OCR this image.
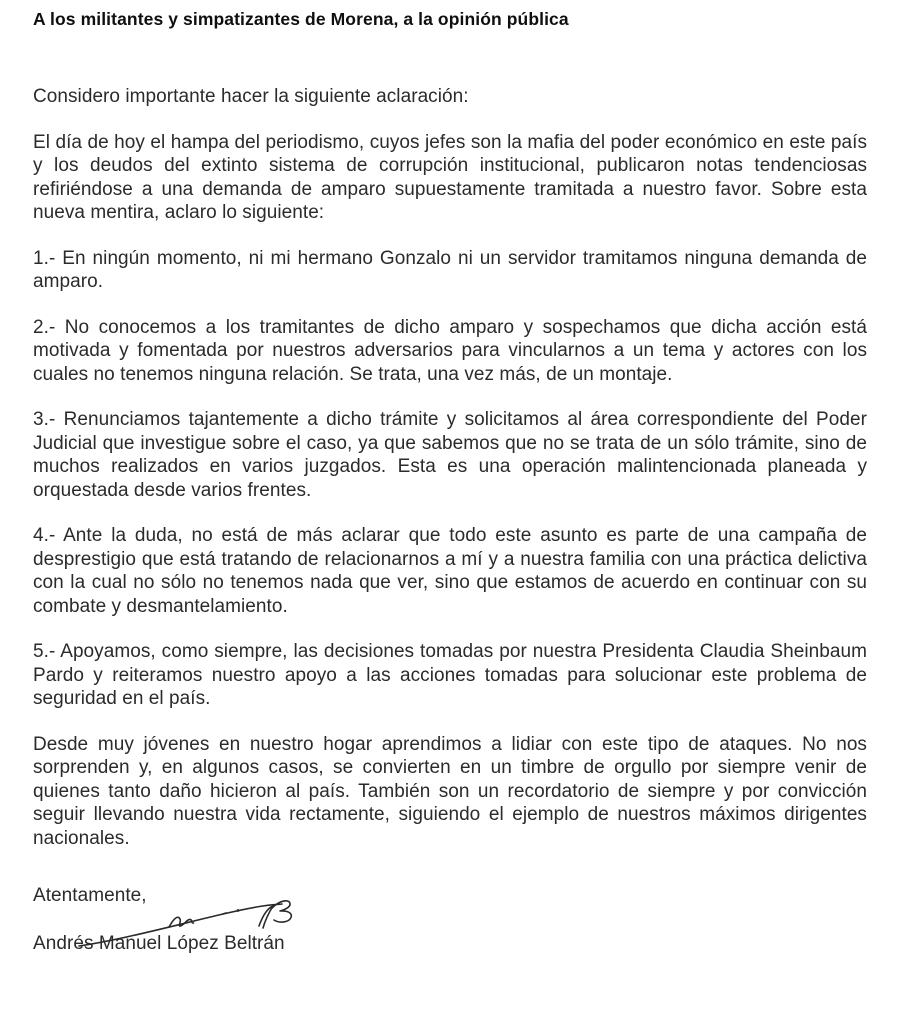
A los militantes y simpatizantes de Morena, a la opinión pública

Considero importante hacer la siguiente aclaración:

El día de hoy el hampa del periodismo, cuyos jefes son la mafia del poder económico en este país y los deudos del extinto sistema de corrupción institucional, publicaron notas tendenciosas refiriéndose a una demanda de amparo supuestamente tramitada a nuestro favor. Sobre esta nueva mentira, aclaro lo siguiente:

1.- En ningún momento, ni mi hermano Gonzalo ni un servidor tramitamos ninguna demanda de amparo.

2.- No conocemos a los tramitantes de dicho amparo y sospechamos que dicha acción está motivada y fomentada por nuestros adversarios para vincularnos a un tema y actores con los cuales no tenemos ninguna relación. Se trata, una vez más, de un montaje.

3.- Renunciamos tajantemente a dicho trámite y solicitamos al área correspondiente del Poder Judicial que investigue sobre el caso, ya que sabemos que no se trata de un sólo trámite, sino de muchos realizados en varios juzgados. Esta es una operación malintencionada planeada y orquestada desde varios frentes.

4.- Ante la duda, no está de más aclarar que todo este asunto es parte de una campaña de desprestigio que está tratando de relacionarnos a mí y a nuestra familia con una práctica delictiva con la cual no sólo no tenemos nada que ver, sino que estamos de acuerdo en continuar con su combate y desmantelamiento.

5.- Apoyamos, como siempre, las decisiones tomadas por nuestra Presidenta Claudia Sheinbaum Pardo y reiteramos nuestro apoyo a las acciones tomadas para solucionar este problema de seguridad en el país.

Desde muy jóvenes en nuestro hogar aprendimos a lidiar con este tipo de ataques. No nos sorprenden y, en algunos casos, se convierten en un timbre de orgullo por siempre venir de quienes tanto daño hicieron al país. También son un recordatorio de siempre y por convicción seguir llevando nuestra vida rectamente, siguiendo el ejemplo de nuestros máximos dirigentes nacionales.

Atentamente,

Andrés Manuel López Beltrán
